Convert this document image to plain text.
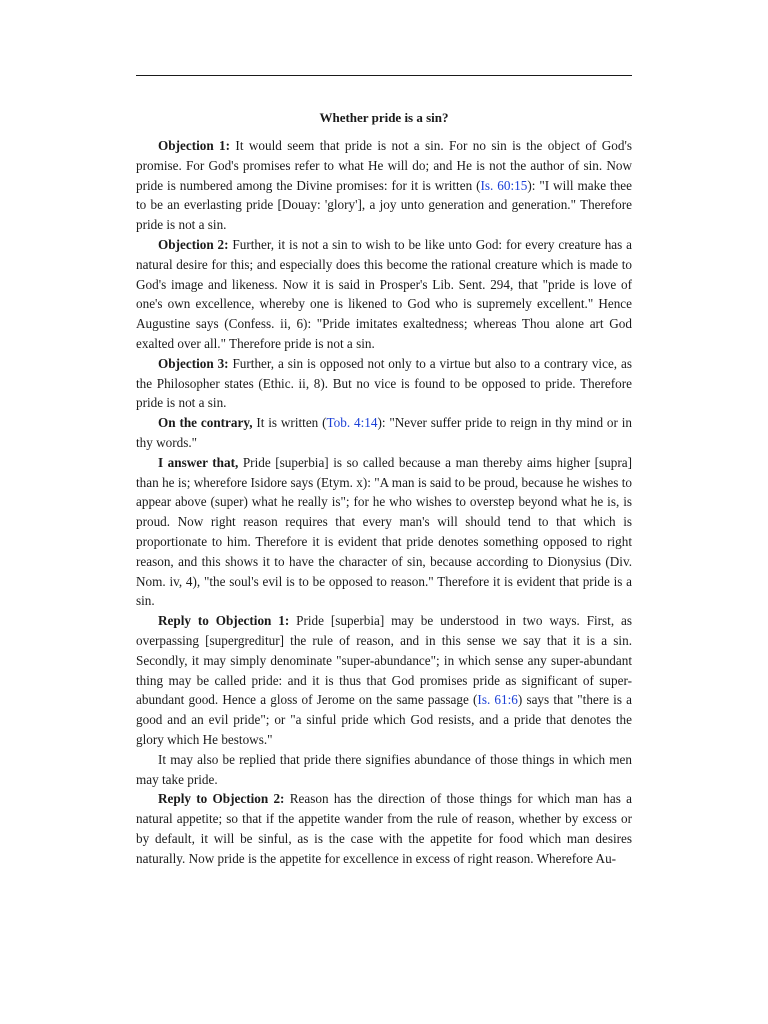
Whether pride is a sin?

Objection 1: It would seem that pride is not a sin. For no sin is the object of God's promise. For God's promises refer to what He will do; and He is not the author of sin. Now pride is numbered among the Divine promises: for it is written (Is. 60:15): "I will make thee to be an everlasting pride [Douay: 'glory'], a joy unto generation and generation." Therefore pride is not a sin.

Objection 2: Further, it is not a sin to wish to be like unto God: for every creature has a natural desire for this; and especially does this become the rational creature which is made to God's image and likeness. Now it is said in Prosper's Lib. Sent. 294, that "pride is love of one's own excellence, whereby one is likened to God who is supremely excellent." Hence Augustine says (Confess. ii, 6): "Pride imitates exaltedness; whereas Thou alone art God exalted over all." Therefore pride is not a sin.

Objection 3: Further, a sin is opposed not only to a virtue but also to a contrary vice, as the Philosopher states (Ethic. ii, 8). But no vice is found to be opposed to pride. Therefore pride is not a sin.

On the contrary, It is written (Tob. 4:14): "Never suffer pride to reign in thy mind or in thy words."

I answer that, Pride [superbia] is so called because a man thereby aims higher [supra] than he is; wherefore Isidore says (Etym. x): "A man is said to be proud, because he wishes to appear above (super) what he really is"; for he who wishes to overstep beyond what he is, is proud. Now right reason requires that every man's will should tend to that which is proportionate to him. Therefore it is evident that pride denotes something opposed to right reason, and this shows it to have the character of sin, because according to Dionysius (Div. Nom. iv, 4), "the soul's evil is to be opposed to reason." Therefore it is evident that pride is a sin.

Reply to Objection 1: Pride [superbia] may be understood in two ways. First, as overpassing [supergreditur] the rule of reason, and in this sense we say that it is a sin. Secondly, it may simply denominate "super-abundance"; in which sense any super-abundant thing may be called pride: and it is thus that God promises pride as significant of super-abundant good. Hence a gloss of Jerome on the same passage (Is. 61:6) says that "there is a good and an evil pride"; or "a sinful pride which God resists, and a pride that denotes the glory which He bestows."

It may also be replied that pride there signifies abundance of those things in which men may take pride.

Reply to Objection 2: Reason has the direction of those things for which man has a natural appetite; so that if the appetite wander from the rule of reason, whether by excess or by default, it will be sinful, as is the case with the appetite for food which man desires naturally. Now pride is the appetite for excellence in excess of right reason. Wherefore Au-
